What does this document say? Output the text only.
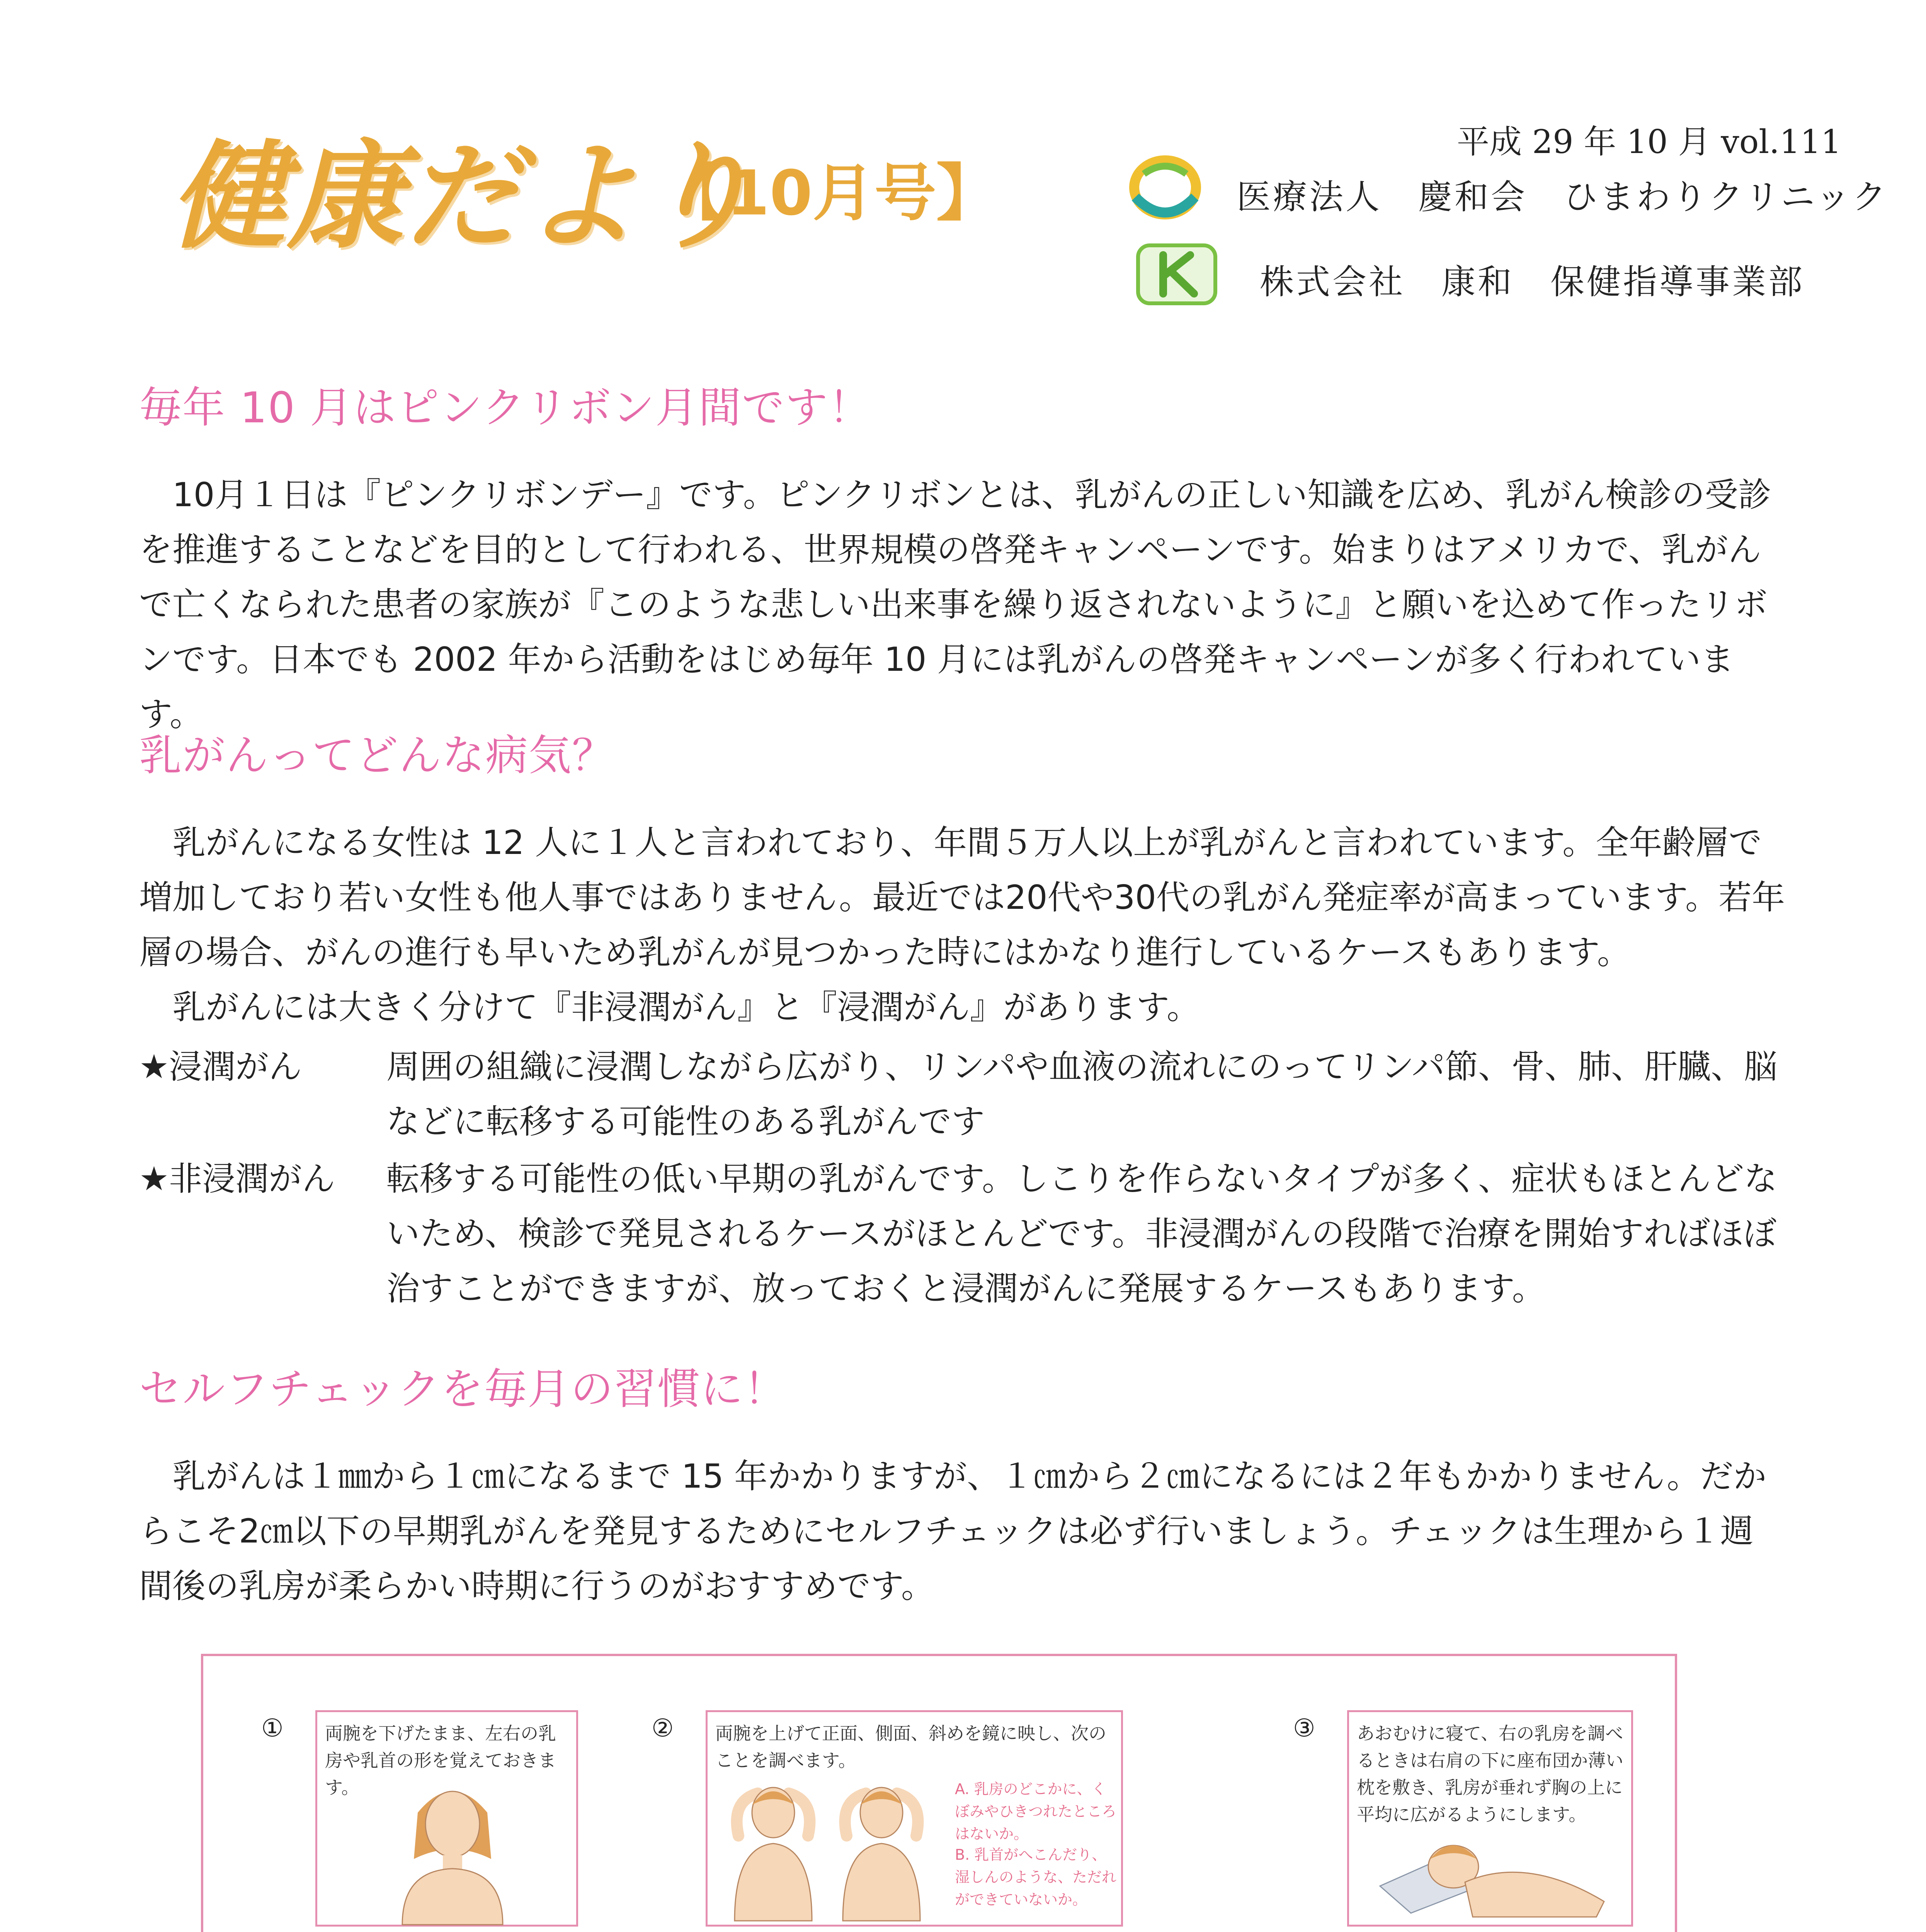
健康だより
【10月号】
平成 29 年 10 月 vol.111
医療法人　慶和会　ひまわりクリニック
株式会社　康和　保健指導事業部
毎年 10 月はピンクリボン月間です！

10月１日は『ピンクリボンデー』です。ピンクリボンとは、乳がんの正しい知識を広め、乳がん検診の受診を推進することなどを目的として行われる、世界規模の啓発キャンペーンです。始まりはアメリカで、乳がんで亡くなられた患者の家族が『このような悲しい出来事を繰り返されないように』と願いを込めて作ったリボンです。日本でも 2002 年から活動をはじめ毎年 10 月には乳がんの啓発キャンペーンが多く行われています。

乳がんってどんな病気？

乳がんになる女性は 12 人に１人と言われており、年間５万人以上が乳がんと言われています。全年齢層で増加しており若い女性も他人事ではありません。最近では20代や30代の乳がん発症率が高まっています。若年層の場合、がんの進行も早いため乳がんが見つかった時にはかなり進行しているケースもあります。

乳がんには大きく分けて『非浸潤がん』と『浸潤がん』があります。

★浸潤がん	周囲の組織に浸潤しながら広がり、リンパや血液の流れにのってリンパ節、骨、肺、肝臓、脳などに転移する可能性のある乳がんです
★非浸潤がん 転移する可能性の低い早期の乳がんです。しこりを作らないタイプが多く、症状もほとんどないため、検診で発見されるケースがほとんどです。非浸潤がんの段階で治療を開始すればほぼ治すことができますが、放っておくと浸潤がんに発展するケースもあります。
セルフチェックを毎月の習慣に！

乳がんは１㎜から１㎝になるまで 15 年かかりますが、１㎝から２㎝になるには２年もかかりません。だからこそ2㎝以下の早期乳がんを発見するためにセルフチェックは必ず行いましょう。チェックは生理から１週間後の乳房が柔らかい時期に行うのがおすすめです。

① 両腕を下げたまま、左右の乳房や乳首の形を覚えておきます。
② 両腕を上げて正面、側面、斜めを鏡に映し、次のことを調べます。
A. 乳房のどこかに、くぼみやひきつれたところはないか。
B. 乳首がへこんだり、湿しんのような、ただれができていないか。
③ あおむけに寝て、右の乳房を調べるときは右肩の下に座布団か薄い枕を敷き、乳房が垂れず胸の上に平均に広がるようにします。
